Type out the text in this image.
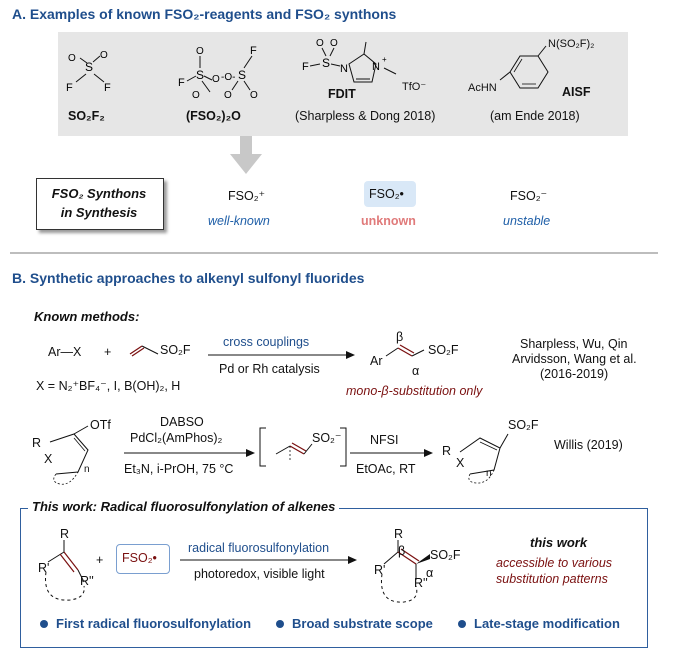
A. Examples of known FSO₂-reagents and FSO₂ synthons
S
O
O
F	F
SO₂F₂
F
S
O
O
O
-O- S
F
O
O
(FSO₂)₂O
O
O
F S N N
+
TfO⁻
FDIT
(Sharpless & Dong 2018)
N(SO₂F)₂
AcHN	AISF
(am Ende 2018)
FSO₂ Synthons
in Synthesis
FSO₂⁺
well-known
FSO₂•
unknown
FSO₂⁻
unstable
B. Synthetic approaches to alkenyl sulfonyl fluorides
Known methods:
Ar—X +	SO₂F
cross couplings
Pd or Rh catalysis
β
Ar
SO₂F
α
X = N₂⁺BF₄⁻, I, B(OH)₂, H	mono-β-substitution only
Sharpless, Wu, Qin
Arvidsson, Wang et al.
(2016-2019)
OTf
R
X
n
DABSO
PdCl₂(AmPhos)₂
Et₃N, i-PrOH, 75 °C
SO₂⁻ NFSI
EtOAc, RT
SO₂F
R
X
n
Willis (2019)
This work: Radical fluorosulfonylation of alkenes
R
R'
R''
+ FSO₂•
radical fluorosulfonylation
photoredox, visible light
R
β SO₂F
α
R'
R''
this work
accessible to various
substitution patterns
First radical fluorosulfonylation	Broad substrate scope	Late-stage modification
